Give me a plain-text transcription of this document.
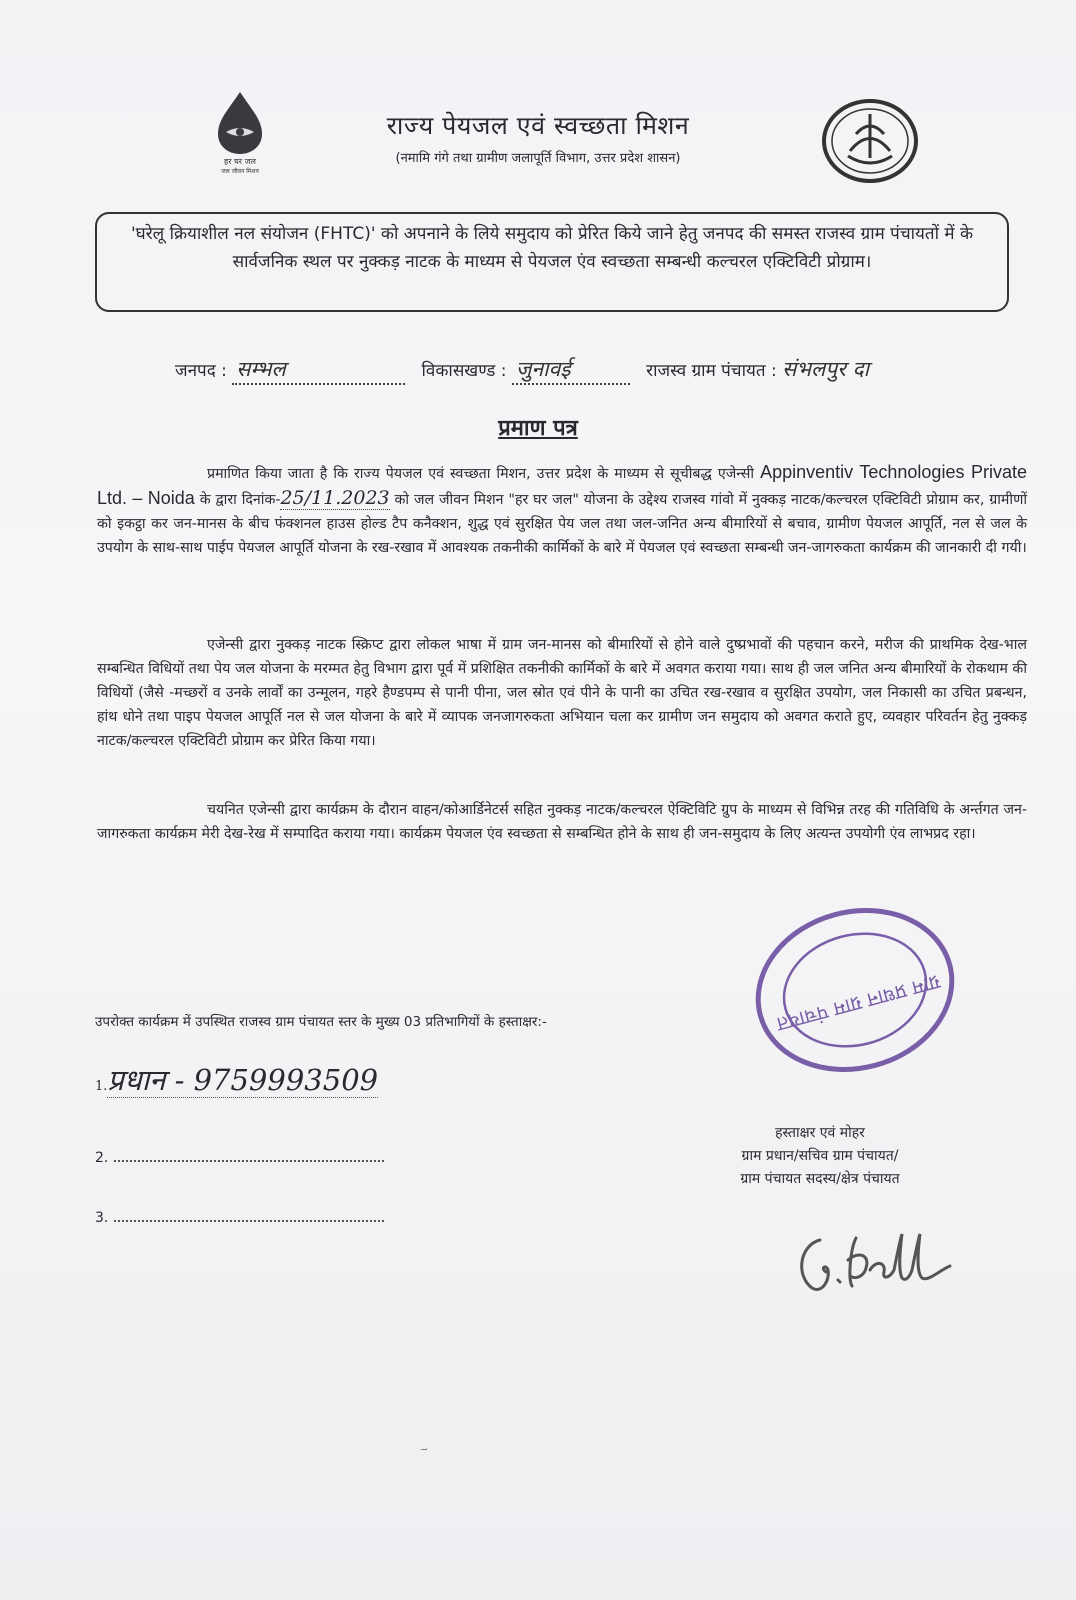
हर घर जल
जल जीवन मिशन
राज्य पेयजल एवं स्वच्छता मिशन
(नमामि गंगे तथा ग्रामीण जलापूर्ति विभाग, उत्तर प्रदेश शासन)
'घरेलू क्रियाशील नल संयोजन (FHTC)' को अपनाने के लिये समुदाय को प्रेरित किये जाने हेतु जनपद की समस्त राजस्व ग्राम पंचायतों में के सार्वजनिक स्थल पर नुक्कड़ नाटक के माध्यम से पेयजल एंव स्वच्छता सम्बन्धी कल्चरल एक्टिविटी प्रोग्राम।
जनपद : सम्भल	विकासखण्ड : जुनावई	राजस्व ग्राम पंचायत : संभलपुर दा
प्रमाण पत्र

प्रमाणित किया जाता है कि राज्य पेयजल एवं स्वच्छता मिशन, उत्तर प्रदेश के माध्यम से सूचीबद्ध एजेन्सी Appinventiv Technologies Private Ltd. – Noida के द्वारा दिनांक-25/11.2023 को जल जीवन मिशन "हर घर जल" योजना के उद्देश्य राजस्व गांवो में नुक्कड़ नाटक/कल्चरल एक्टिविटी प्रोग्राम कर, ग्रामीणों को इकट्ठा कर जन-मानस के बीच फंक्शनल हाउस होल्ड टैप कनैक्शन, शुद्ध एवं सुरक्षित पेय जल तथा जल-जनित अन्य बीमारियों से बचाव, ग्रामीण पेयजल आपूर्ति, नल से जल के उपयोग के साथ-साथ पाईप पेयजल आपूर्ति योजना के रख-रखाव में आवश्यक तकनीकी कार्मिकों के बारे में पेयजल एवं स्वच्छता सम्बन्धी जन-जागरुकता कार्यक्रम की जानकारी दी गयी।

एजेन्सी द्वारा नुक्कड़ नाटक स्क्रिप्ट द्वारा लोकल भाषा में ग्राम जन-मानस को बीमारियों से होने वाले दुष्प्रभावों की पहचान करने, मरीज की प्राथमिक देख-भाल सम्बन्धित विधियों तथा पेय जल योजना के मरम्मत हेतु विभाग द्वारा पूर्व में प्रशिक्षित तकनीकी कार्मिकों के बारे में अवगत कराया गया। साथ ही जल जनित अन्य बीमारियों के रोकथाम की विधियों (जैसे -मच्छरों व उनके लार्वों का उन्मूलन, गहरे हैण्डपम्प से पानी पीना, जल स्रोत एवं पीने के पानी का उचित रख-रखाव व सुरक्षित उपयोग, जल निकासी का उचित प्रबन्धन, हांथ धोने तथा पाइप पेयजल आपूर्ति नल से जल योजना के बारे में व्यापक जनजागरुकता अभियान चला कर ग्रामीण जन समुदाय को अवगत कराते हुए, व्यवहार परिवर्तन हेतु नुक्कड़ नाटक/कल्चरल एक्टिविटी प्रोग्राम कर प्रेरित किया गया।

चयनित एजेन्सी द्वारा कार्यक्रम के दौरान वाहन/कोआर्डिनेटर्स सहित नुक्कड़ नाटक/कल्चरल ऐक्टिविटि ग्रुप के माध्यम से विभिन्न तरह की गतिविधि के अर्न्तगत जन-जागरुकता कार्यक्रम मेरी देख-रेख में सम्पादित कराया गया। कार्यक्रम पेयजल एंव स्वच्छता से सम्बन्धित होने के साथ ही जन-समुदाय के लिए अत्यन्त उपयोगी एंव लाभप्रद रहा।

ग्राम प्रधान ग्राम पंचायत
उपरोक्त कार्यक्रम में उपस्थित राजस्व ग्राम पंचायत स्तर के मुख्य 03 प्रतिभागियों के हस्ताक्षर:-
1.प्रधान - 9759993509
2.
3.
हस्ताक्षर एवं मोहर
ग्राम प्रधान/सचिव ग्राम पंचायत/
ग्राम पंचायत सदस्य/क्षेत्र पंचायत
